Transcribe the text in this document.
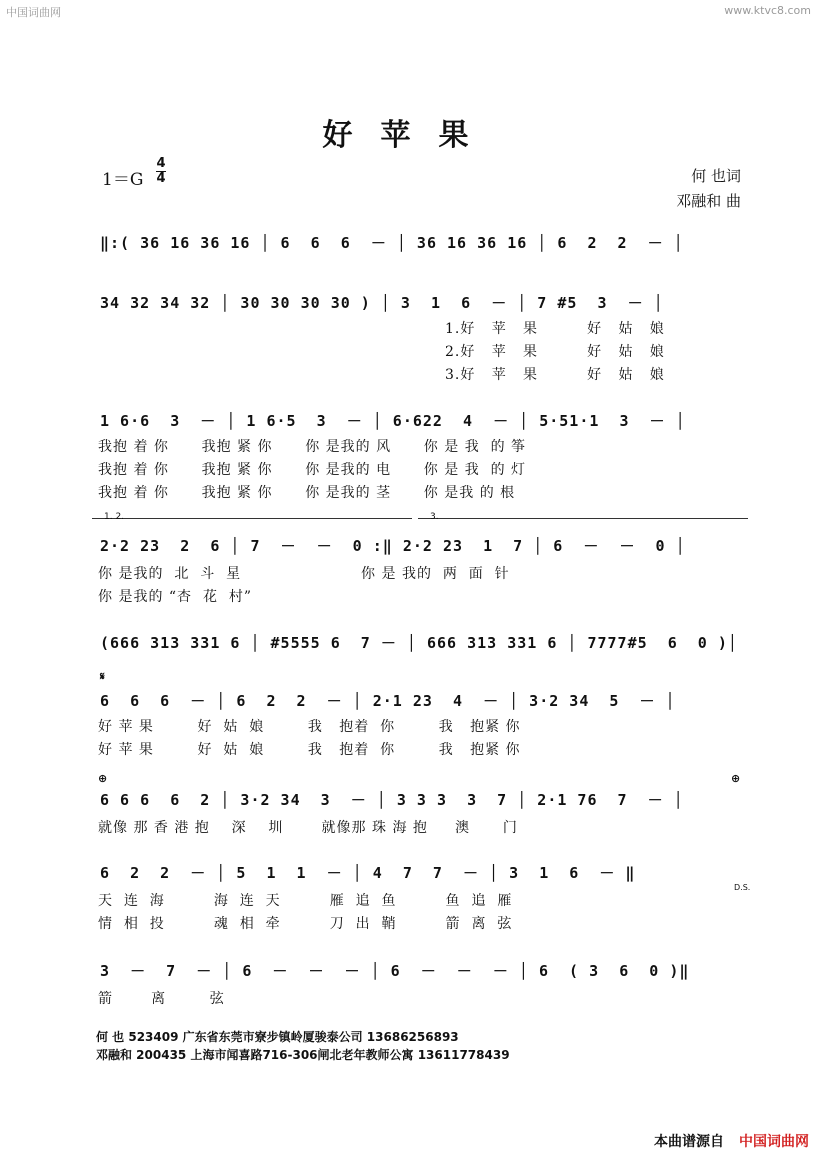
中国词曲网	www.ktvc8.com
好苹果
1＝G
4
4	何 也词
邓融和 曲
‖:( 36 16 36 16 │ 6  6  6  － │ 36 16 36 16 │ 6  2  2  － │
34 32 34 32 │ 30 30 30 30 ) │ 3  1  6  － │ 7 #5  3  － │
1.好   苹   果         好   姑   娘
2.好   苹   果         好   姑   娘
3.好   苹   果         好   姑   娘
1 6·6  3  － │ 1 6·5  3  － │ 6·622  4  － │ 5·51·1  3  － │
我抱 着 你      我抱 紧 你      你 是我的 风      你 是 我  的 筝
我抱 着 你      我抱 紧 你      你 是我的 电      你 是 我  的 灯
我抱 着 你      我抱 紧 你      你 是我的 茎      你 是我 的 根
1. 2.	3.
2·2 23  2  6 │ 7  －  －  0 :‖ 2·2 23  1  7 │ 6  －  －  0 │
你 是我的  北  斗  星                      你 是 我的  两  面  针
你 是我的 “杏  花  村”
(666 313 331 6 │ #5555 6  7 － │ 666 313 331 6 │ 7777#5  6  0 )│
𝄋
6  6  6  － │ 6  2  2  － │ 2·1 23  4  － │ 3·2 34  5  － │
好 苹 果        好  姑  娘        我   抱着  你        我   抱紧 你
好 苹 果        好  姑  娘        我   抱着  你        我   抱紧 你
⊕	⊕
6 6 6  6  2 │ 3·2 34  3  － │ 3 3 3  3  7 │ 2·1 76  7  － │
就像 那 香 港 抱    深    圳       就像那 珠 海 抱     澳      门
6  2  2  － │ 5  1  1  － │ 4  7  7  － │ 3  1  6  － ‖
D.S.
天  连  海         海  连  天         雁  追  鱼         鱼  追  雁
情  相  投         魂  相  牵         刀  出  鞘         箭  离  弦
3  －  7  － │ 6  －  －  － │ 6  －  －  － │ 6  ( 3  6  0 )‖
箭       离        弦
何 也 523409 广东省东莞市寮步镇岭厦骏泰公司 13686256893
邓融和 200435 上海市闻喜路716-306闸北老年教师公寓 13611778439
本曲谱源自 中国词曲网
